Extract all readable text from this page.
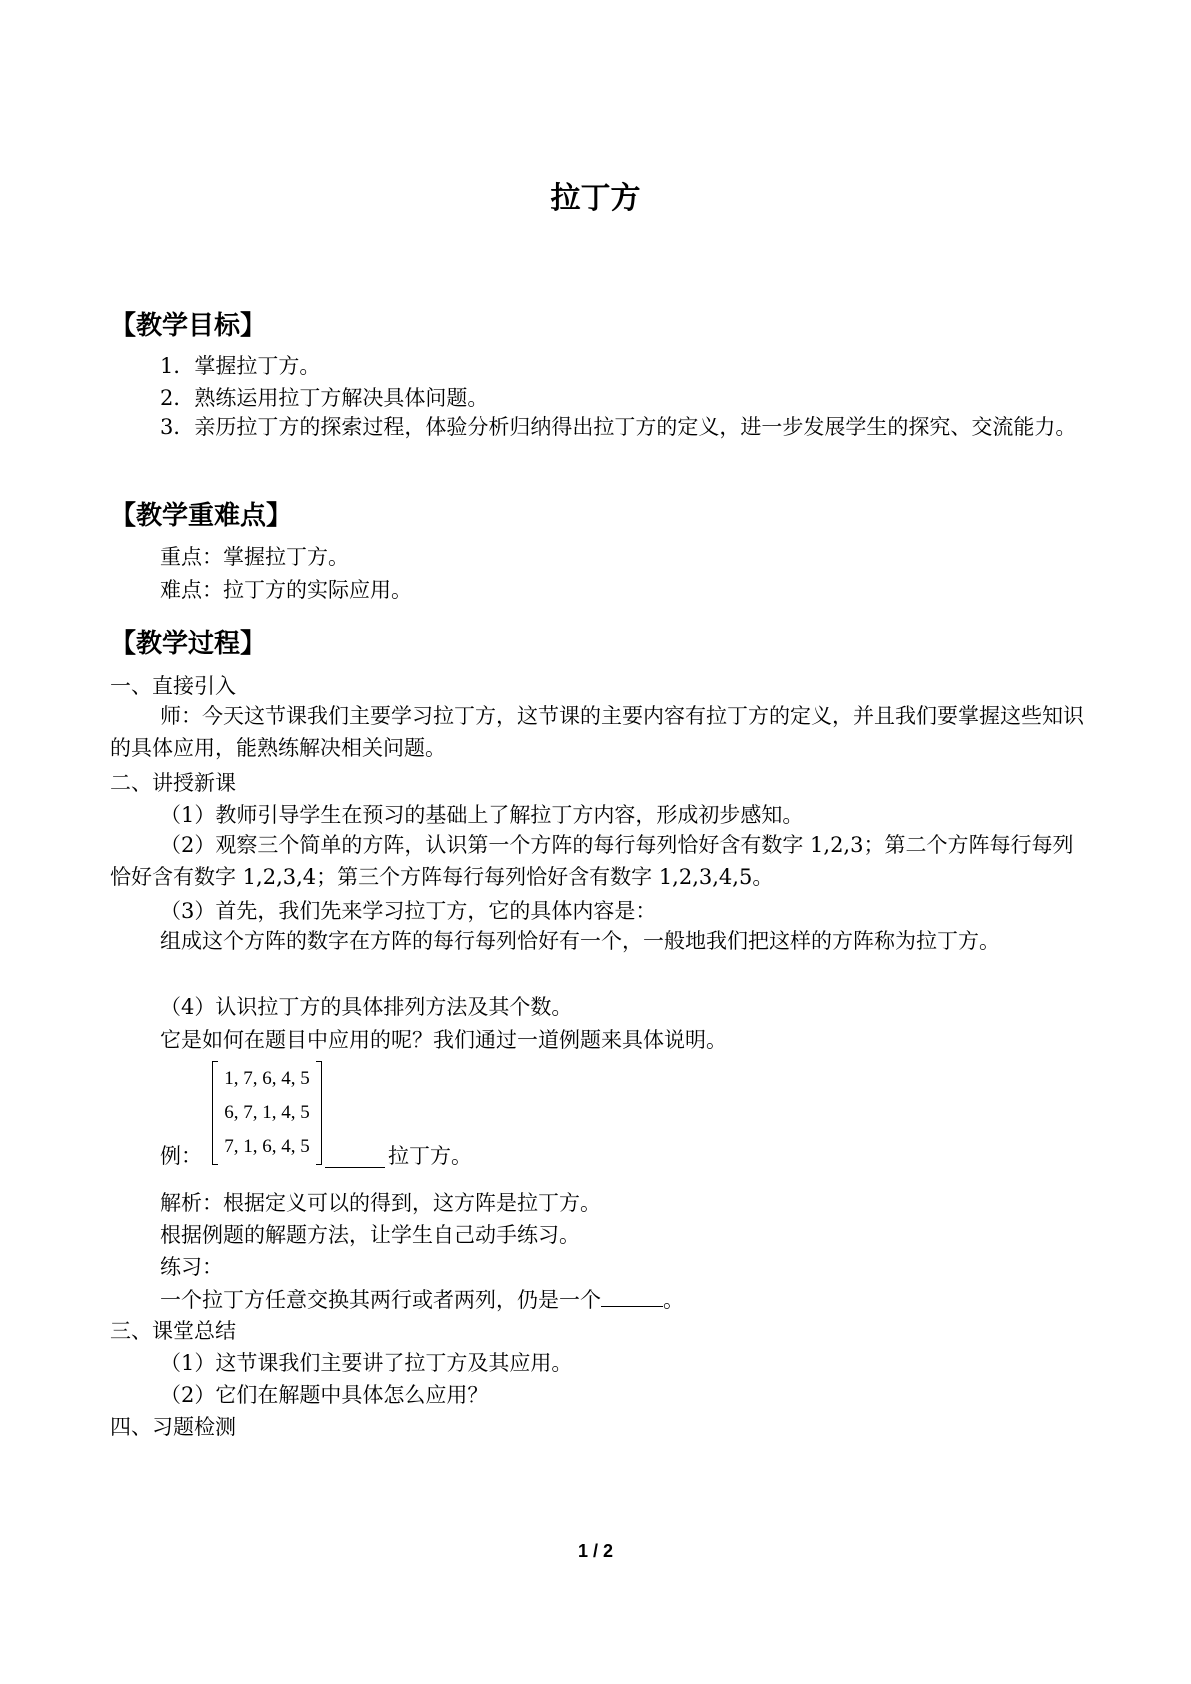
拉丁方
【教学目标】
1．掌握拉丁方。
2．熟练运用拉丁方解决具体问题。
3．亲历拉丁方的探索过程，体验分析归纳得出拉丁方的定义，进一步发展学生的探究、交流能力。
【教学重难点】
重点：掌握拉丁方。
难点：拉丁方的实际应用。
【教学过程】
一、直接引入
师：今天这节课我们主要学习拉丁方，这节课的主要内容有拉丁方的定义，并且我们要掌握这些知识的具体应用，能熟练解决相关问题。
二、讲授新课
（1）教师引导学生在预习的基础上了解拉丁方内容，形成初步感知。
（2）观察三个简单的方阵，认识第一个方阵的每行每列恰好含有数字 1,2,3；第二个方阵每行每列恰好含有数字 1,2,3,4；第三个方阵每行每列恰好含有数字 1,2,3,4,5。
（3）首先，我们先来学习拉丁方，它的具体内容是：
组成这个方阵的数字在方阵的每行每列恰好有一个，一般地我们把这样的方阵称为拉丁方。
（4）认识拉丁方的具体排列方法及其个数。
它是如何在题目中应用的呢？我们通过一道例题来具体说明。
例：
1, 7, 6, 4, 5
6, 7, 1, 4, 5
7, 1, 6, 4, 5	拉丁方。
解析：根据定义可以的得到，这方阵是拉丁方。
根据例题的解题方法，让学生自己动手练习。
练习：
一个拉丁方任意交换其两行或者两列，仍是一个	。
三、课堂总结
（1）这节课我们主要讲了拉丁方及其应用。
（2）它们在解题中具体怎么应用？
四、习题检测
1 / 2
